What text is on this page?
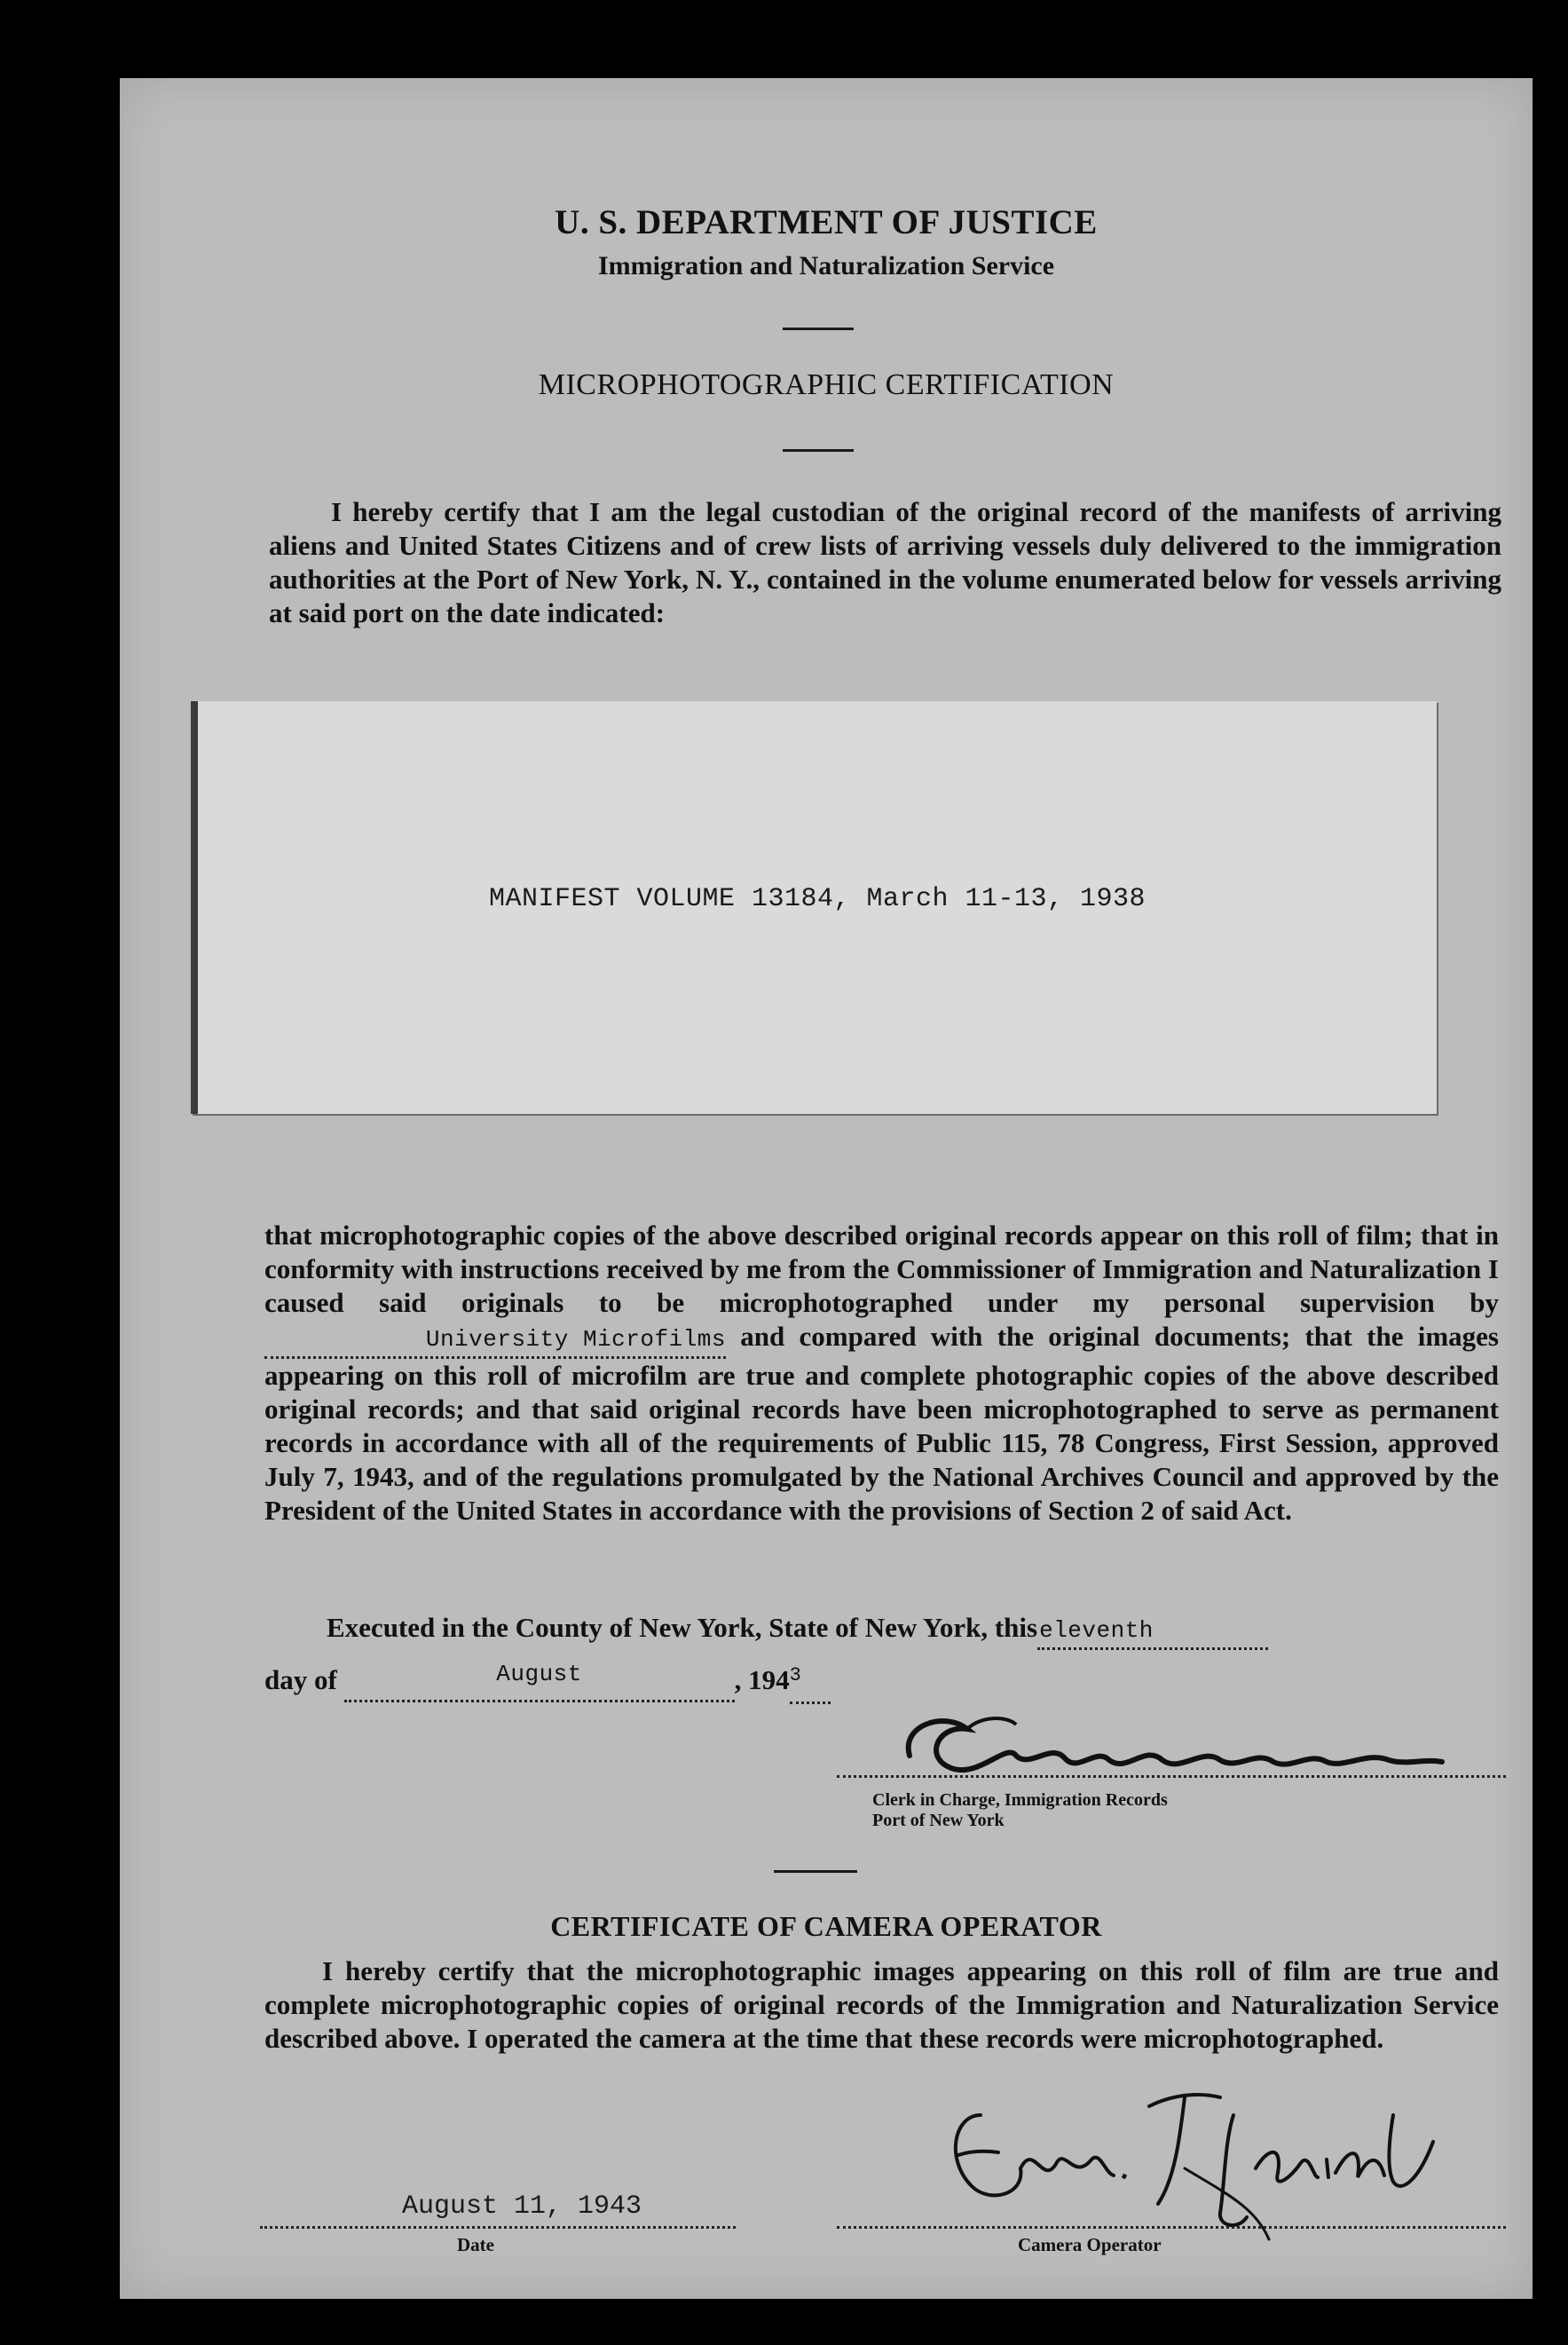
U. S. DEPARTMENT OF JUSTICE
Immigration and Naturalization Service
MICROPHOTOGRAPHIC CERTIFICATION
I hereby certify that I am the legal custodian of the original record of the manifests of arriving aliens and United States Citizens and of crew lists of arriving vessels duly delivered to the immigration authorities at the Port of New York, N. Y., contained in the volume enumerated below for vessels arriving at said port on the date indicated:
MANIFEST VOLUME 13184, March 11-13, 1938
that microphotographic copies of the above described original records appear on this roll of film; that in conformity with instructions received by me from the Commissioner of Immigration and Naturalization I caused said originals to be microphotographed under my personal supervision by University Microfilms and compared with the original documents; that the images appearing on this roll of microfilm are true and complete photographic copies of the above described original records; and that said original records have been microphotographed to serve as permanent records in accordance with all of the requirements of Public 115, 78 Congress, First Session, approved July 7, 1943, and of the regulations promulgated by the National Archives Council and approved by the President of the United States in accordance with the provisions of Section 2 of said Act.
Executed in the County of New York, State of New York, thiseleventh
day of	$^{August}$	, $194^3$
Clerk in Charge, Immigration Records
Port of New York
CERTIFICATE OF CAMERA OPERATOR
I hereby certify that the microphotographic images appearing on this roll of film are true and complete microphotographic copies of original records of the Immigration and Naturalization Service described above. I operated the camera at the time that these records were microphotographed.
August 11, 1943
Date	Camera Operator
